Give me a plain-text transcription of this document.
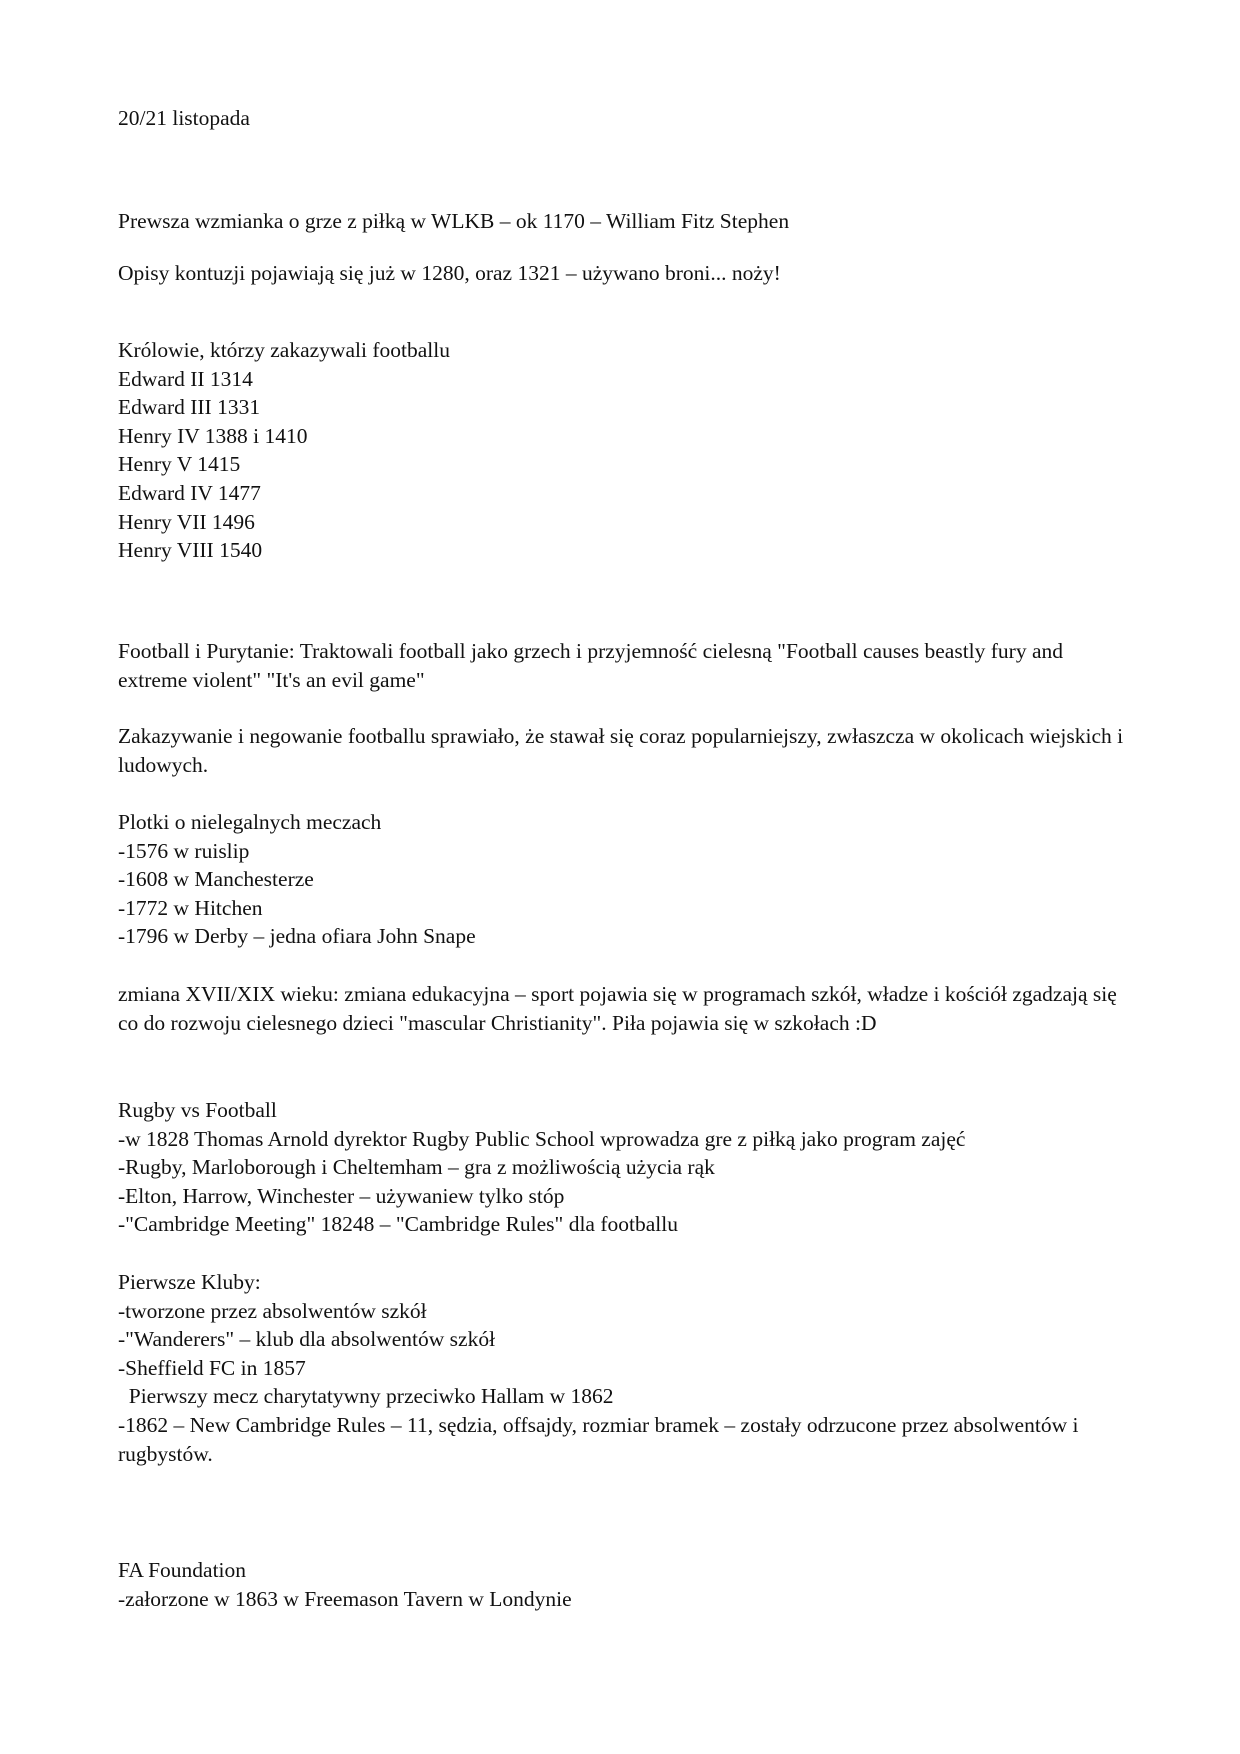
20/21 listopada

Prewsza wzmianka o grze z piłką w WLKB – ok 1170 – William Fitz Stephen

Opisy kontuzji pojawiają się już w 1280, oraz 1321 – używano broni... noży!

Królowie, którzy zakazywali footballu
Edward II 1314
Edward III 1331
Henry IV 1388 i 1410
Henry V 1415
Edward IV 1477
Henry VII 1496
Henry VIII 1540

Football i Purytanie: Traktowali football jako grzech i przyjemność cielesną "Football causes beastly fury and extreme violent" "It's an evil game"

Zakazywanie i negowanie footballu sprawiało, że stawał się coraz popularniejszy, zwłaszcza w okolicach wiejskich i ludowych.

Plotki o nielegalnych meczach
-1576 w ruislip
-1608 w Manchesterze
-1772 w Hitchen
-1796 w Derby – jedna ofiara John Snape

zmiana XVII/XIX wieku: zmiana edukacyjna – sport pojawia się w programach szkół, władze i kościół zgadzają się co do rozwoju cielesnego dzieci "mascular Christianity". Piła pojawia się w szkołach :D

Rugby vs Football
-w 1828 Thomas Arnold dyrektor Rugby Public School wprowadza gre z piłką jako program zajęć
-Rugby, Marloborough i Cheltemham – gra z możliwością użycia rąk
-Elton, Harrow, Winchester – używaniew tylko stóp
-"Cambridge Meeting" 18248 – "Cambridge Rules" dla footballu
Pierwsze Kluby:
-tworzone przez absolwentów szkół
-"Wanderers" – klub dla absolwentów szkół
-Sheffield FC in 1857
Pierwszy mecz charytatywny przeciwko Hallam w 1862
-1862 – New Cambridge Rules – 11, sędzia, offsajdy, rozmiar bramek – zostały odrzucone przez absolwentów i rugbystów.
FA Foundation
-załorzone w 1863 w Freemason Tavern w Londynie
